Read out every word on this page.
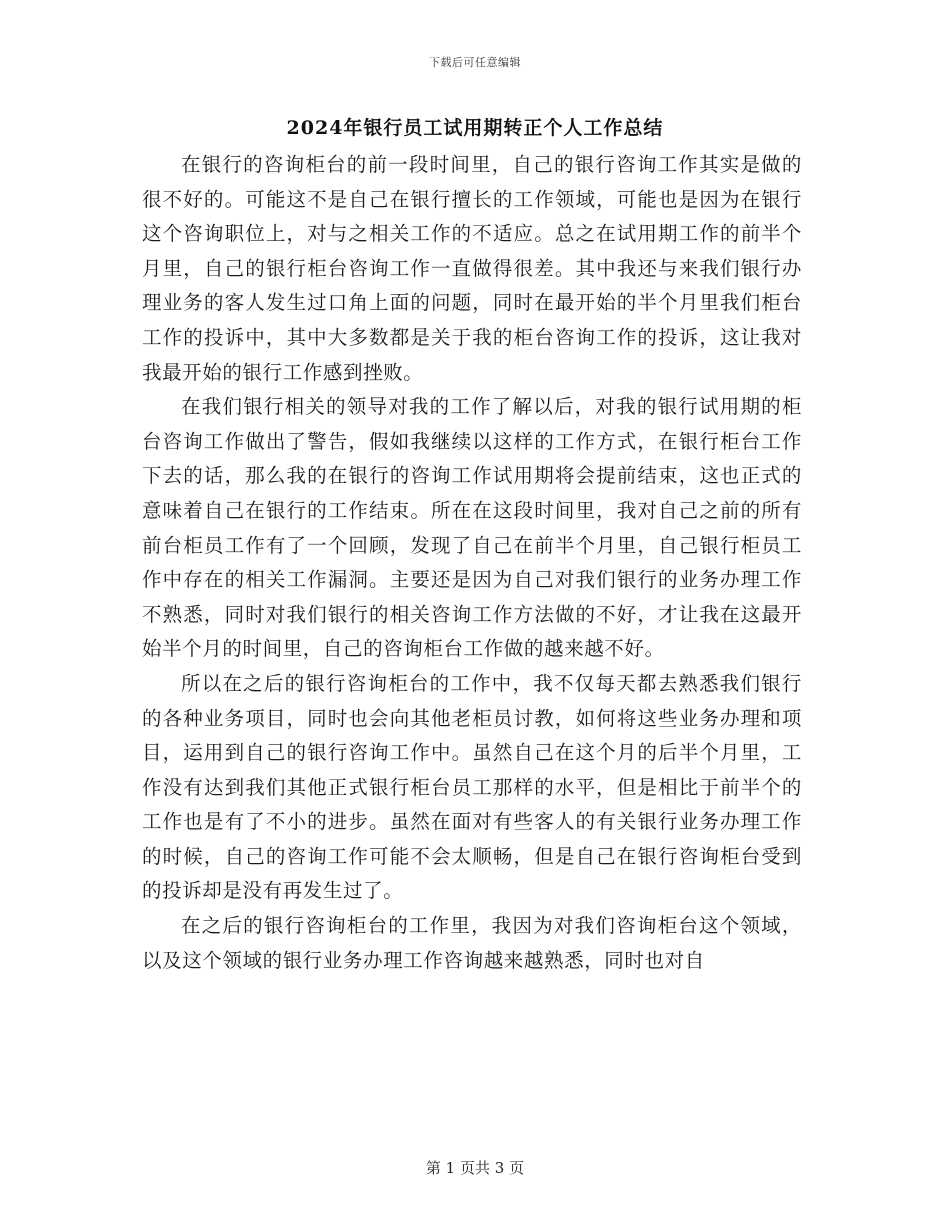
下载后可任意编辑
2024年银行员工试用期转正个人工作总结

在银行的咨询柜台的前一段时间里，自己的银行咨询工作其实是做的很不好的。可能这不是自己在银行擅长的工作领域，可能也是因为在银行这个咨询职位上，对与之相关工作的不适应。总之在试用期工作的前半个月里，自己的银行柜台咨询工作一直做得很差。其中我还与来我们银行办理业务的客人发生过口角上面的问题，同时在最开始的半个月里我们柜台工作的投诉中，其中大多数都是关于我的柜台咨询工作的投诉，这让我对我最开始的银行工作感到挫败。

在我们银行相关的领导对我的工作了解以后，对我的银行试用期的柜台咨询工作做出了警告，假如我继续以这样的工作方式，在银行柜台工作下去的话，那么我的在银行的咨询工作试用期将会提前结束，这也正式的意味着自己在银行的工作结束。所在在这段时间里，我对自己之前的所有前台柜员工作有了一个回顾，发现了自己在前半个月里，自己银行柜员工作中存在的相关工作漏洞。主要还是因为自己对我们银行的业务办理工作不熟悉，同时对我们银行的相关咨询工作方法做的不好，才让我在这最开始半个月的时间里，自己的咨询柜台工作做的越来越不好。

所以在之后的银行咨询柜台的工作中，我不仅每天都去熟悉我们银行的各种业务项目，同时也会向其他老柜员讨教，如何将这些业务办理和项目，运用到自己的银行咨询工作中。虽然自己在这个月的后半个月里，工作没有达到我们其他正式银行柜台员工那样的水平，但是相比于前半个的工作也是有了不小的进步。虽然在面对有些客人的有关银行业务办理工作的时候，自己的咨询工作可能不会太顺畅，但是自己在银行咨询柜台受到的投诉却是没有再发生过了。

在之后的银行咨询柜台的工作里，我因为对我们咨询柜台这个领域，以及这个领域的银行业务办理工作咨询越来越熟悉，同时也对自

第 1 页共 3 页
